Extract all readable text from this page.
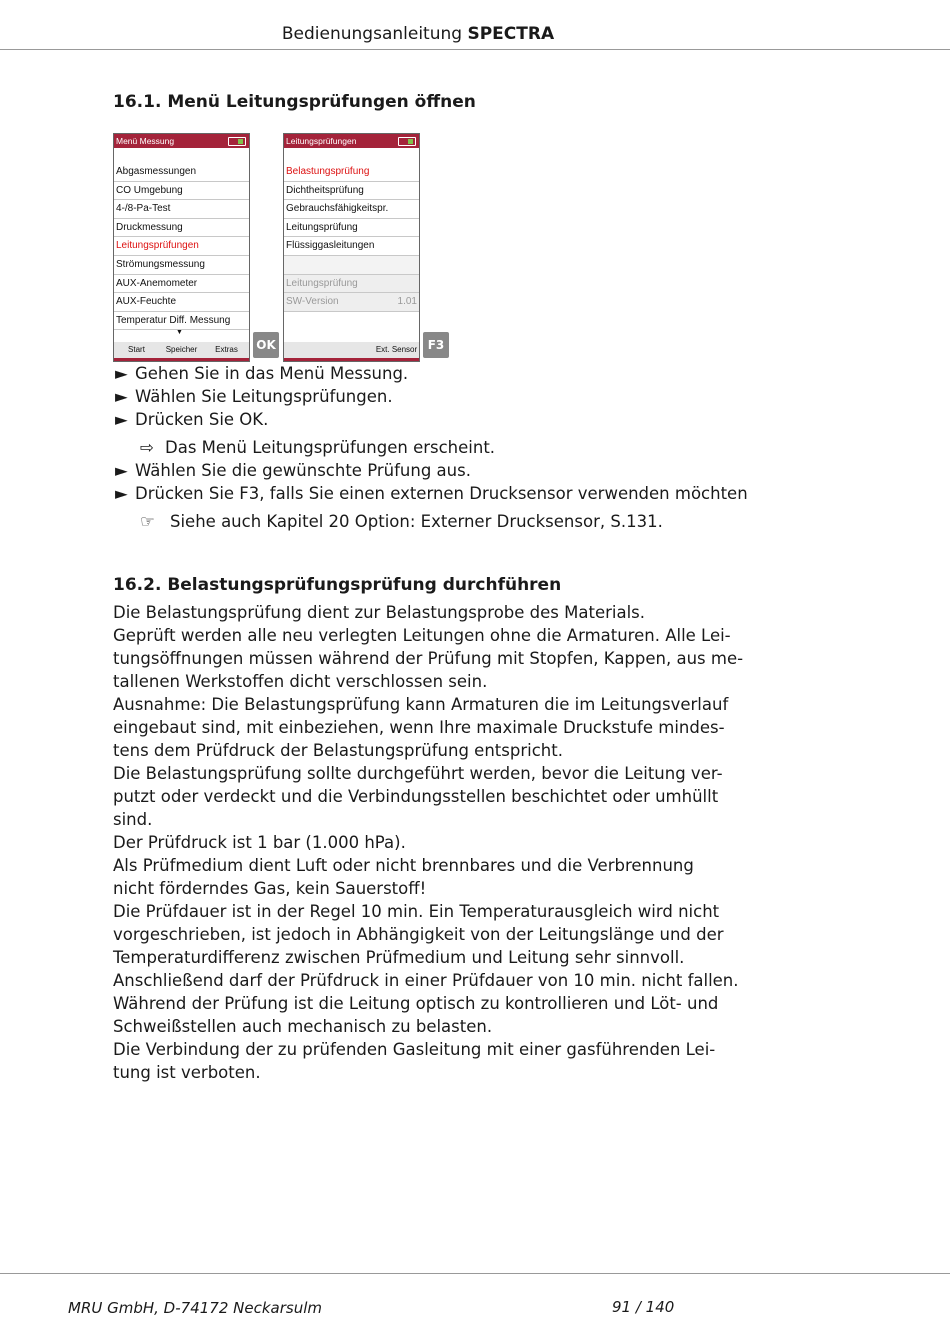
Bedienungsanleitung SPECTRA
16.1. Menü Leitungsprüfungen öffnen
Menü Messung
Abgasmessungen
CO Umgebung
4-/8-Pa-Test
Druckmessung
Leitungsprüfungen
Strömungsmessung
AUX-Anemometer
AUX-Feuchte
Temperatur Diff. Messung
▼
Start	Speicher	Extras	OK
Leitungsprüfungen
Belastungsprüfung
Dichtheitsprüfung
Gebrauchsfähigkeitspr.
Leitungsprüfung
Flüssiggasleitungen
Leitungsprüfung
SW-Version	1.01
Ext. Sensor F3
► Gehen Sie in das Menü Messung.
► Wählen Sie Leitungsprüfungen.
► Drücken Sie OK.
⇨ Das Menü Leitungsprüfungen erscheint.
► Wählen Sie die gewünschte Prüfung aus.
► Drücken Sie F3, falls Sie einen externen Drucksensor verwenden möchten
☞ Siehe auch Kapitel 20 Option: Externer Drucksensor, S.131.
16.2. Belastungsprüfungsprüfung durchführen
Die Belastungsprüfung dient zur Belastungsprobe des Materials.
Geprüft werden alle neu verlegten Leitungen ohne die Armaturen. Alle Lei-
tungsöffnungen müssen während der Prüfung mit Stopfen, Kappen, aus me-
tallenen Werkstoffen dicht verschlossen sein.
Ausnahme: Die Belastungsprüfung kann Armaturen die im Leitungsverlauf
eingebaut sind, mit einbeziehen, wenn Ihre maximale Druckstufe mindes-
tens dem Prüfdruck der Belastungsprüfung entspricht.
Die Belastungsprüfung sollte durchgeführt werden, bevor die Leitung ver-
putzt oder verdeckt und die Verbindungsstellen beschichtet oder umhüllt
sind.
Der Prüfdruck ist 1 bar (1.000 hPa).
Als Prüfmedium dient Luft oder nicht brennbares und die Verbrennung
nicht förderndes Gas, kein Sauerstoff!
Die Prüfdauer ist in der Regel 10 min. Ein Temperaturausgleich wird nicht
vorgeschrieben, ist jedoch in Abhängigkeit von der Leitungslänge und der
Temperaturdifferenz zwischen Prüfmedium und Leitung sehr sinnvoll.
Anschließend darf der Prüfdruck in einer Prüfdauer von 10 min. nicht fallen.
Während der Prüfung ist die Leitung optisch zu kontrollieren und Löt- und
Schweißstellen auch mechanisch zu belasten.
Die Verbindung der zu prüfenden Gasleitung mit einer gasführenden Lei-
tung ist verboten.
MRU GmbH, D-74172 Neckarsulm	91 / 140
